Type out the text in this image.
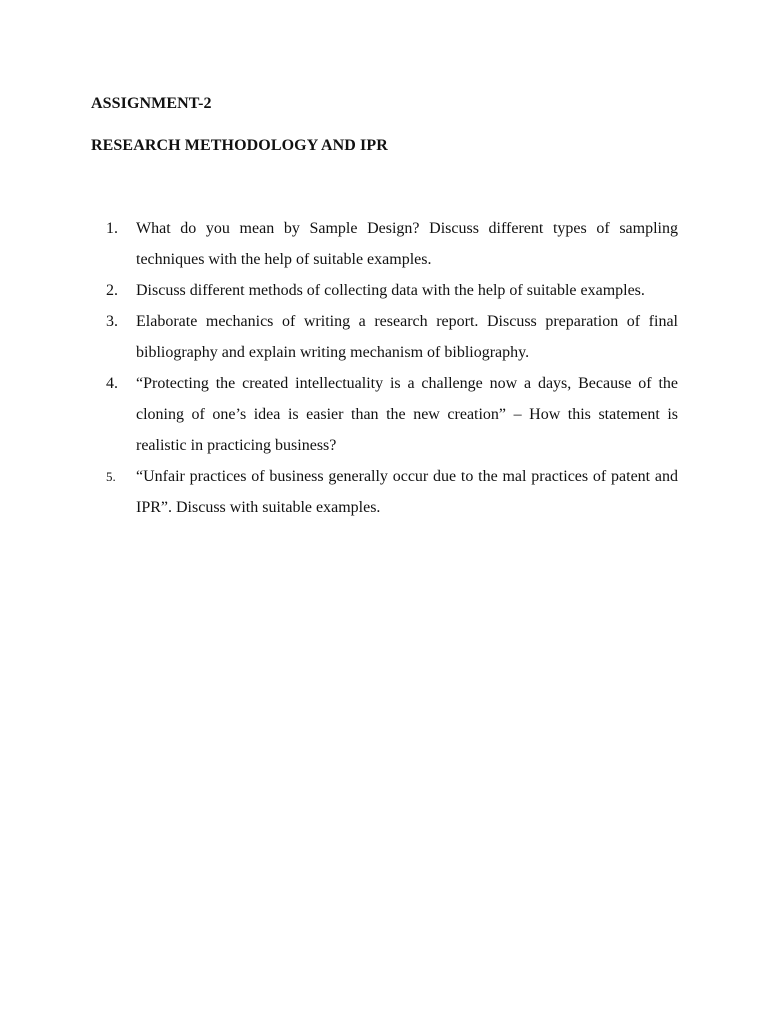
ASSIGNMENT-2
RESEARCH METHODOLOGY AND IPR
1.	What do you mean by Sample Design? Discuss different types of sampling techniques with the help of suitable examples.
2.	Discuss different methods of collecting data with the help of suitable examples.
3.	Elaborate mechanics of writing a research report. Discuss preparation of final bibliography and explain writing mechanism of bibliography.
4.	“Protecting the created intellectuality is a challenge now a days, Because of the cloning of one’s idea is easier than the new creation” – How this statement is realistic in practicing business?
5.	“Unfair practices of business generally occur due to the mal practices of patent and IPR”. Discuss with suitable examples.
